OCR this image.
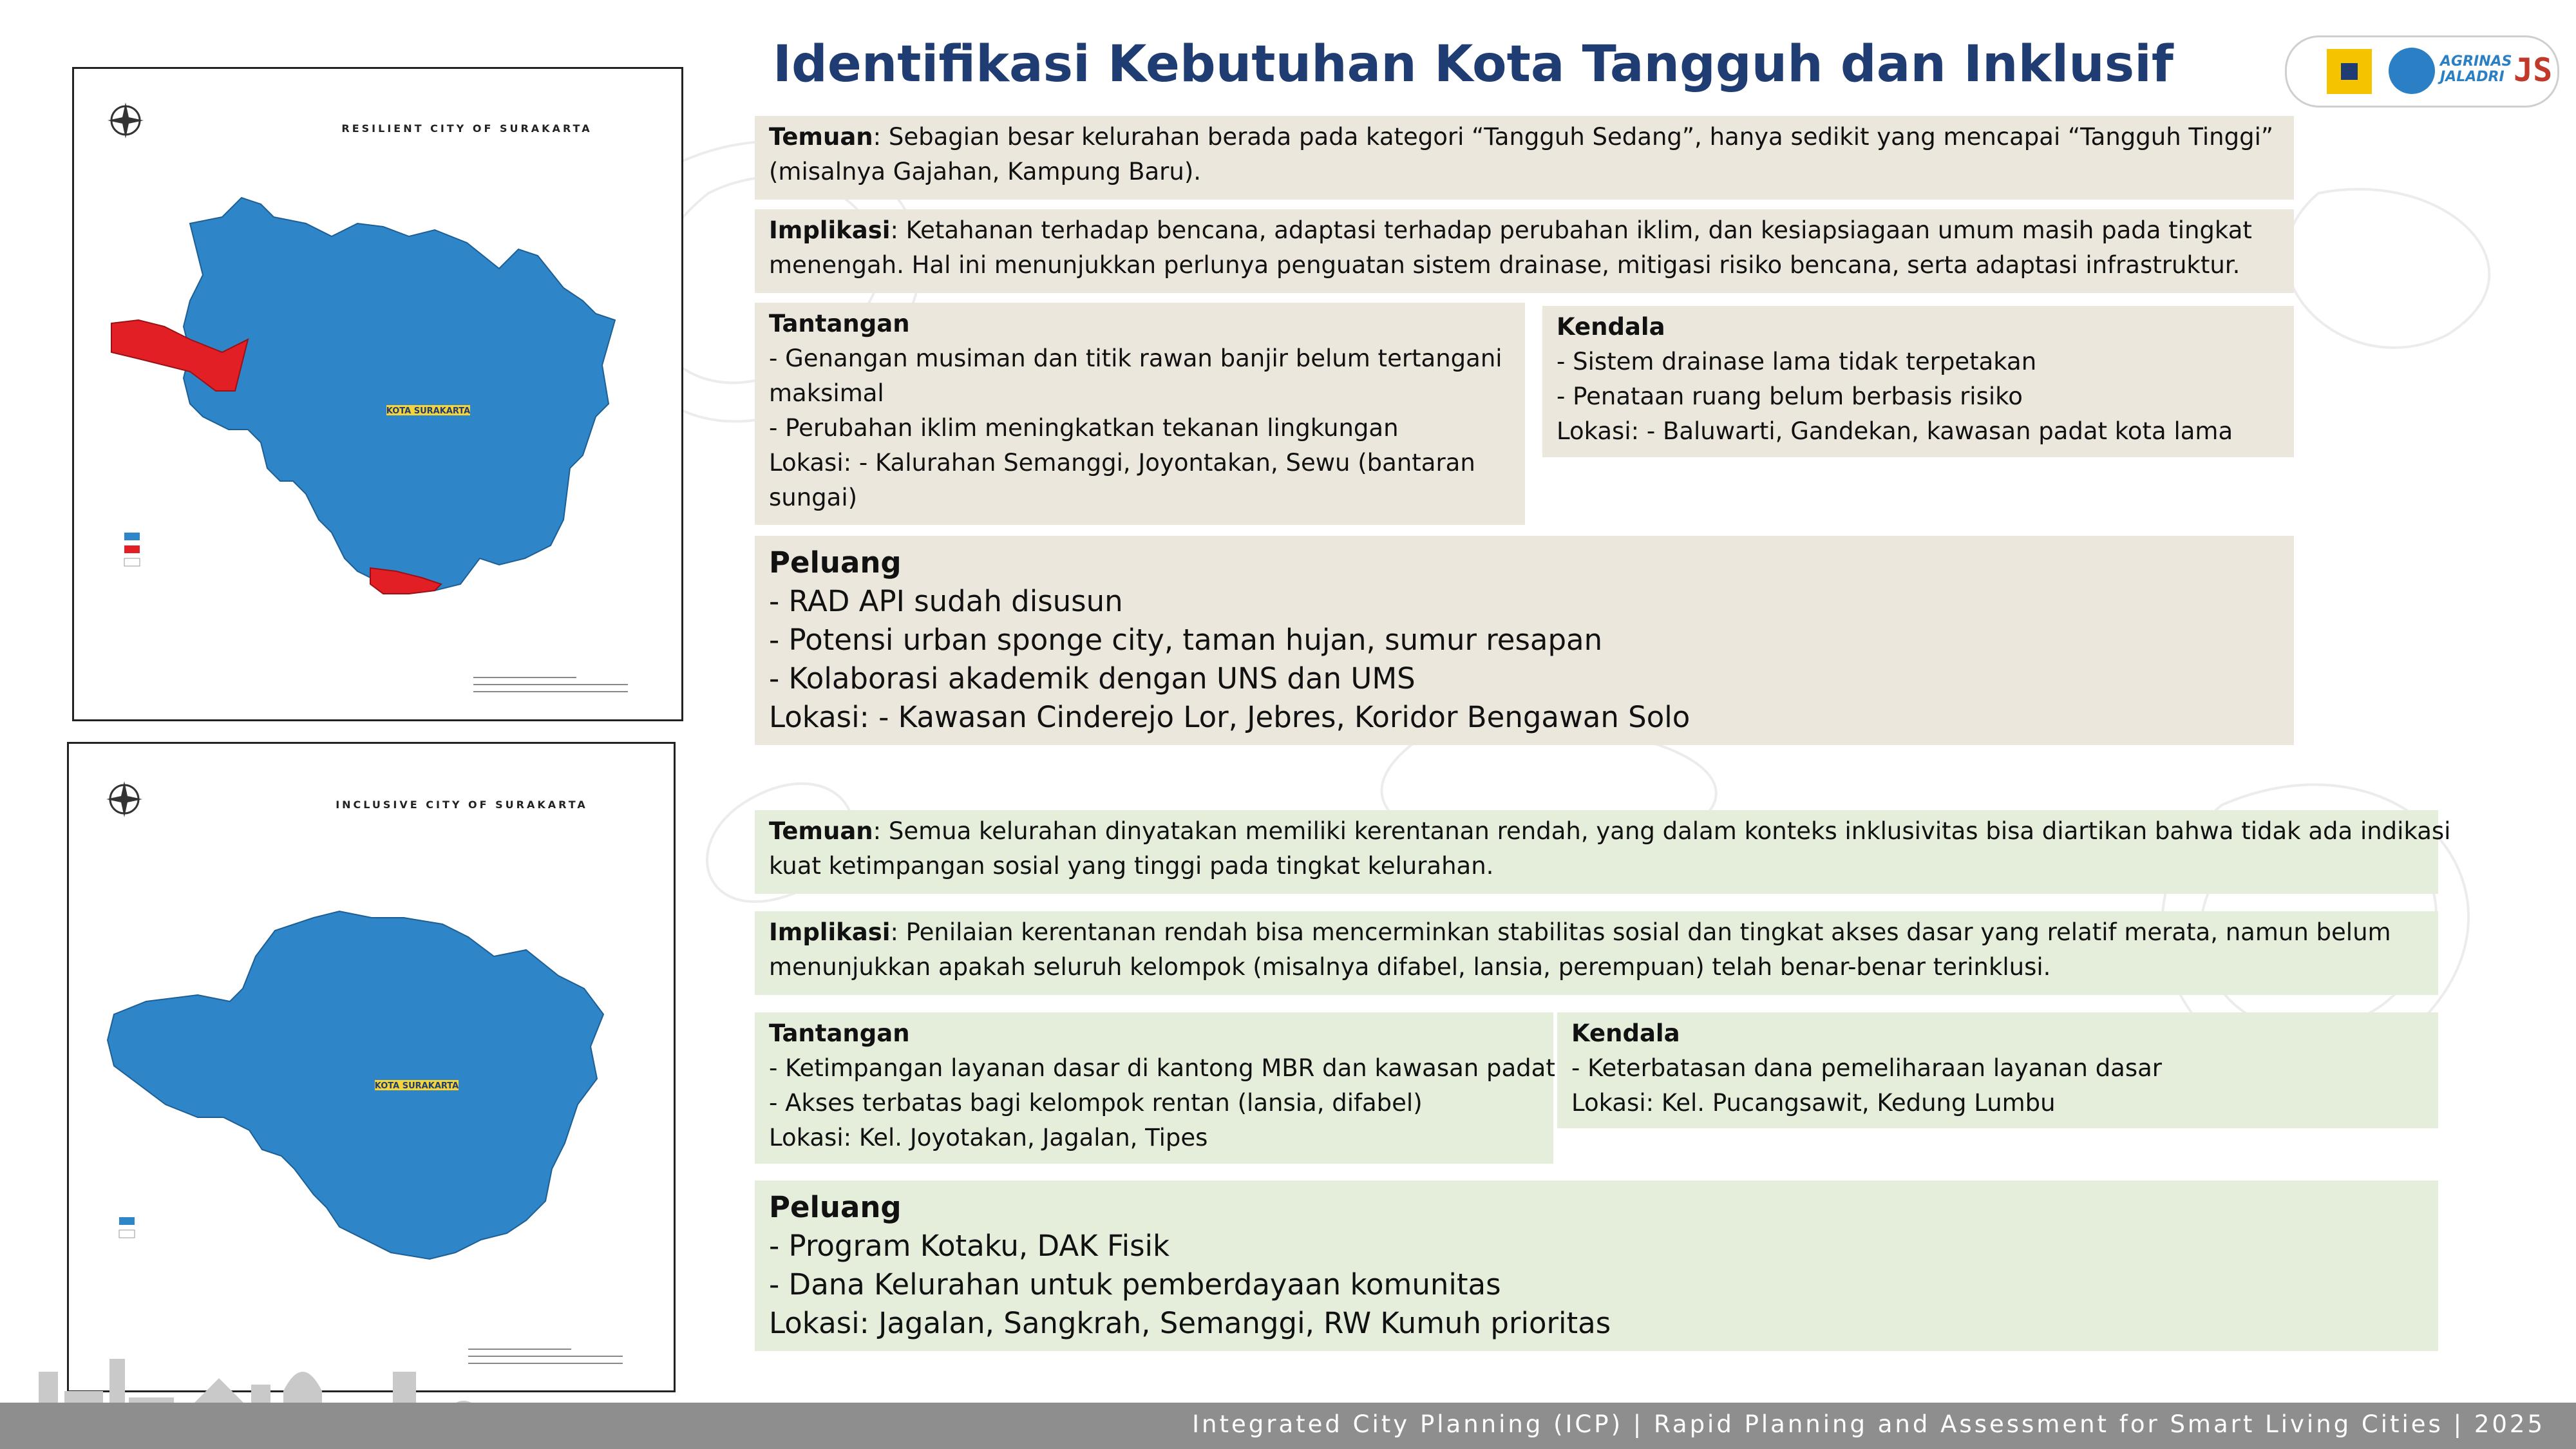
Identifikasi Kebutuhan Kota Tangguh dan Inklusif	AGRINAS
JALADRI JS
RESILIENT CITY OF SURAKARTA
KOTA SURAKARTA
INCLUSIVE CITY OF SURAKARTA
KOTA SURAKARTA
Temuan: Sebagian besar kelurahan berada pada kategori “Tangguh Sedang”, hanya sedikit yang mencapai “Tangguh Tinggi”
(misalnya Gajahan, Kampung Baru).
Implikasi: Ketahanan terhadap bencana, adaptasi terhadap perubahan iklim, dan kesiapsiagaan umum masih pada tingkat
menengah. Hal ini menunjukkan perlunya penguatan sistem drainase, mitigasi risiko bencana, serta adaptasi infrastruktur.
Tantangan
- Genangan musiman dan titik rawan banjir belum tertangani
maksimal
- Perubahan iklim meningkatkan tekanan lingkungan
Lokasi: - Kalurahan Semanggi, Joyontakan, Sewu (bantaran
sungai)
Kendala
- Sistem drainase lama tidak terpetakan
- Penataan ruang belum berbasis risiko
Lokasi: - Baluwarti, Gandekan, kawasan padat kota lama
Peluang
- RAD API sudah disusun
- Potensi urban sponge city, taman hujan, sumur resapan
- Kolaborasi akademik dengan UNS dan UMS
Lokasi: - Kawasan Cinderejo Lor, Jebres, Koridor Bengawan Solo
Temuan: Semua kelurahan dinyatakan memiliki kerentanan rendah, yang dalam konteks inklusivitas bisa diartikan bahwa tidak ada indikasi
kuat ketimpangan sosial yang tinggi pada tingkat kelurahan.
Implikasi: Penilaian kerentanan rendah bisa mencerminkan stabilitas sosial dan tingkat akses dasar yang relatif merata, namun belum
menunjukkan apakah seluruh kelompok (misalnya difabel, lansia, perempuan) telah benar-benar terinklusi.
Tantangan
- Ketimpangan layanan dasar di kantong MBR dan kawasan padat
- Akses terbatas bagi kelompok rentan (lansia, difabel)
Lokasi: Kel. Joyotakan, Jagalan, Tipes
Kendala
- Keterbatasan dana pemeliharaan layanan dasar
Lokasi: Kel. Pucangsawit, Kedung Lumbu
Peluang
- Program Kotaku, DAK Fisik
- Dana Kelurahan untuk pemberdayaan komunitas
Lokasi: Jagalan, Sangkrah, Semanggi, RW Kumuh prioritas
Integrated City Planning (ICP) | Rapid Planning and Assessment for Smart Living Cities | 2025
